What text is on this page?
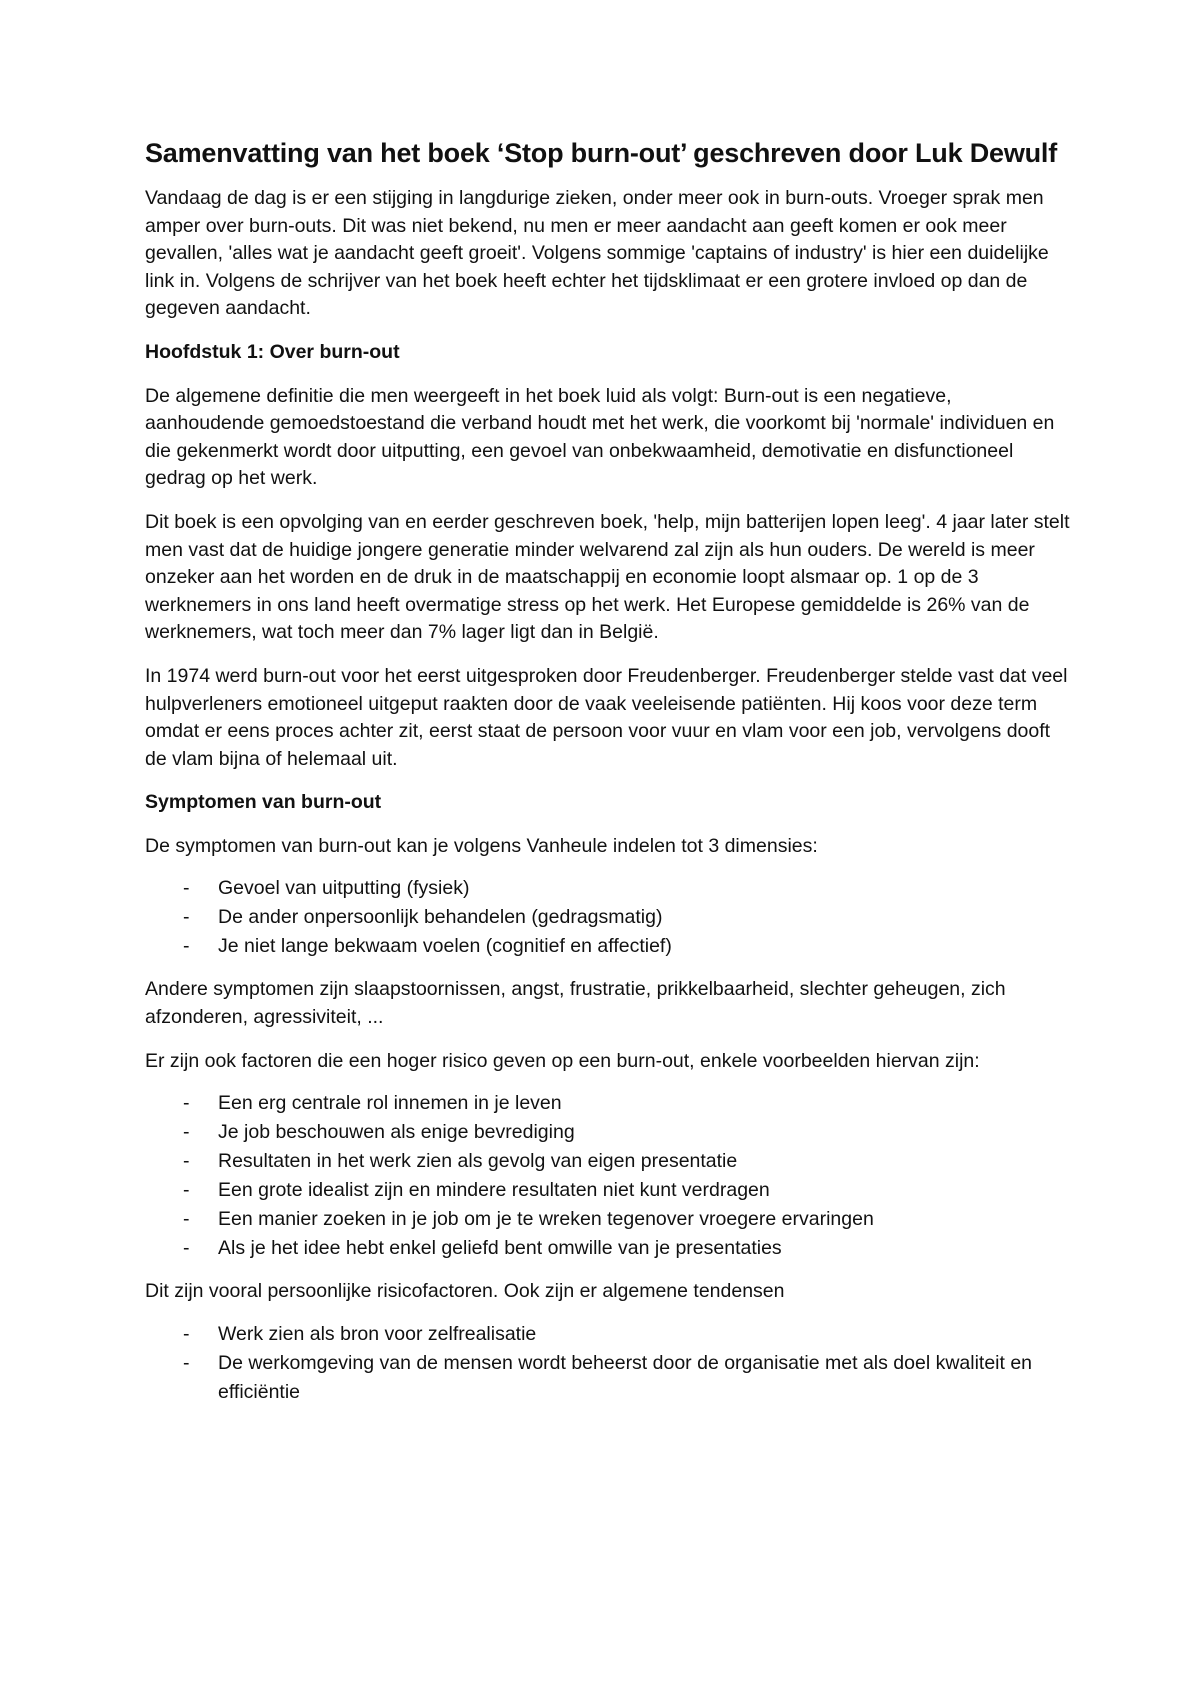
Samenvatting van het boek ‘Stop burn-out’ geschreven door Luk Dewulf

Vandaag de dag is er een stijging in langdurige zieken, onder meer ook in burn-outs. Vroeger sprak men amper over burn-outs. Dit was niet bekend, nu men er meer aandacht aan geeft komen er ook meer gevallen, 'alles wat je aandacht geeft groeit'. Volgens sommige 'captains of industry' is hier een duidelijke link in. Volgens de schrijver van het boek heeft echter het tijdsklimaat er een grotere invloed op dan de gegeven aandacht.

Hoofdstuk 1: Over burn-out

De algemene definitie die men weergeeft in het boek luid als volgt: Burn-out is een negatieve, aanhoudende gemoedstoestand die verband houdt met het werk, die voorkomt bij 'normale' individuen en die gekenmerkt wordt door uitputting, een gevoel van onbekwaamheid, demotivatie en disfunctioneel gedrag op het werk.

Dit boek is een opvolging van en eerder geschreven boek, 'help, mijn batterijen lopen leeg'. 4 jaar later stelt men vast dat de huidige jongere generatie minder welvarend zal zijn als hun ouders. De wereld is meer onzeker aan het worden en de druk in de maatschappij en economie loopt alsmaar op. 1 op de 3 werknemers in ons land heeft overmatige stress op het werk. Het Europese gemiddelde is 26% van de werknemers, wat toch meer dan 7% lager ligt dan in België.

In 1974 werd burn-out voor het eerst uitgesproken door Freudenberger. Freudenberger stelde vast dat veel hulpverleners emotioneel uitgeput raakten door de vaak veeleisende patiënten. Hij koos voor deze term omdat er eens proces achter zit, eerst staat de persoon voor vuur en vlam voor een job, vervolgens dooft de vlam bijna of helemaal uit.

Symptomen van burn-out

De symptomen van burn-out kan je volgens Vanheule indelen tot 3 dimensies:

- Gevoel van uitputting (fysiek)
- De ander onpersoonlijk behandelen (gedragsmatig)
- Je niet lange bekwaam voelen (cognitief en affectief)

Andere symptomen zijn slaapstoornissen, angst, frustratie, prikkelbaarheid, slechter geheugen, zich afzonderen, agressiviteit, ...

Er zijn ook factoren die een hoger risico geven op een burn-out, enkele voorbeelden hiervan zijn:

- Een erg centrale rol innemen in je leven
- Je job beschouwen als enige bevrediging
- Resultaten in het werk zien als gevolg van eigen presentatie
- Een grote idealist zijn en mindere resultaten niet kunt verdragen
- Een manier zoeken in je job om je te wreken tegenover vroegere ervaringen
- Als je het idee hebt enkel geliefd bent omwille van je presentaties

Dit zijn vooral persoonlijke risicofactoren. Ook zijn er algemene tendensen

- Werk zien als bron voor zelfrealisatie
- De werkomgeving van de mensen wordt beheerst door de organisatie met als doel kwaliteit en efficiëntie
